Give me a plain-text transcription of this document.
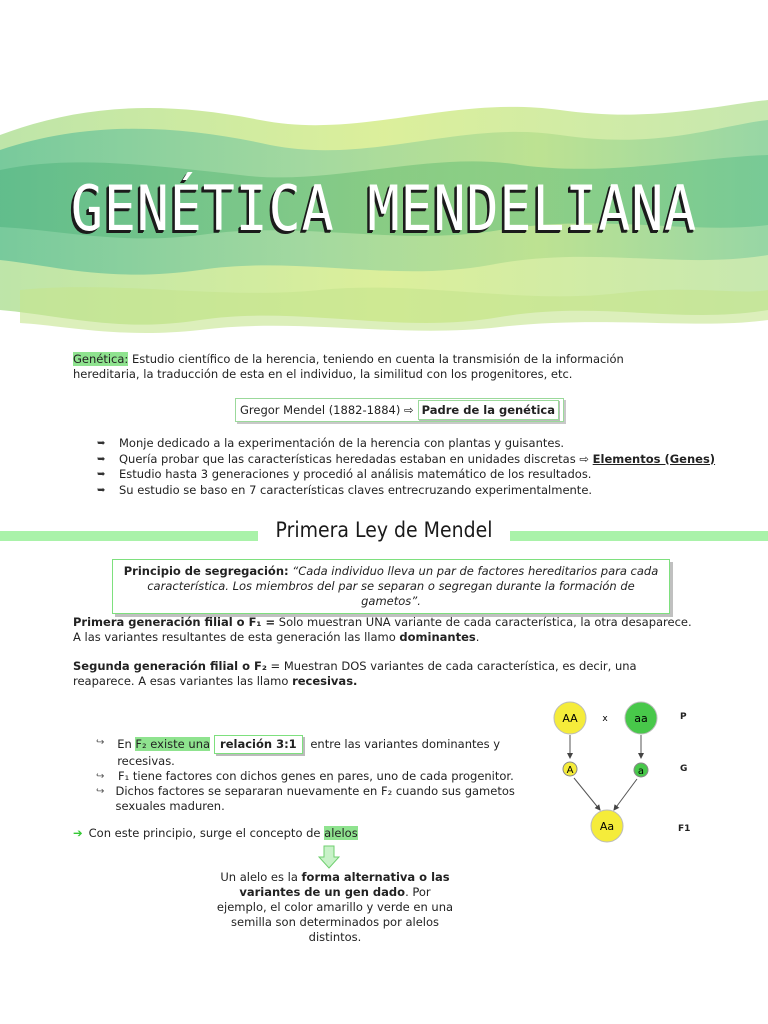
GENÉTICA MENDELIANA
Genética: Estudio científico de la herencia, teniendo en cuenta la transmisión de la información hereditaria, la traducción de esta en el individuo, la similitud con los progenitores, etc.
Gregor Mendel (1882-1884) ⇨ Padre de la genética
➥	Monje dedicado a la experimentación de la herencia con plantas y guisantes.
➥	Quería probar que las características heredadas estaban en unidades discretas ⇨ Elementos (Genes)
➥	Estudio hasta 3 generaciones y procedió al análisis matemático de los resultados.
➥	Su estudio se baso en 7 características claves entrecruzando experimentalmente.
Primera Ley de Mendel
Principio de segregación: “Cada individuo lleva un par de factores hereditarios para cada característica. Los miembros del par se separan o segregan durante la formación de gametos”.
Primera generación filial o F₁ = Solo muestran UNA variante de cada característica, la otra desaparece. A las variantes resultantes de esta generación las llamo dominantes.
Segunda generación filial o F₂ = Muestran DOS variantes de cada característica, es decir, una reaparece. A esas variantes las llamo recesivas.
↪	En F₂ existe una relación 3:1 entre las variantes dominantes y recesivas.
↪	F₁ tiene factores con dichos genes en pares, uno de cada progenitor.
↪ Dichos factores se separaran nuevamente en F₂ cuando sus gametos sexuales maduren.
➔ Con este principio, surge el concepto de alelos
Un alelo es la forma alternativa o las variantes de un gen dado. Por ejemplo, el color amarillo y verde en una semilla son determinados por alelos distintos.
AA	x aa	P
A	a	G
Aa	F1
